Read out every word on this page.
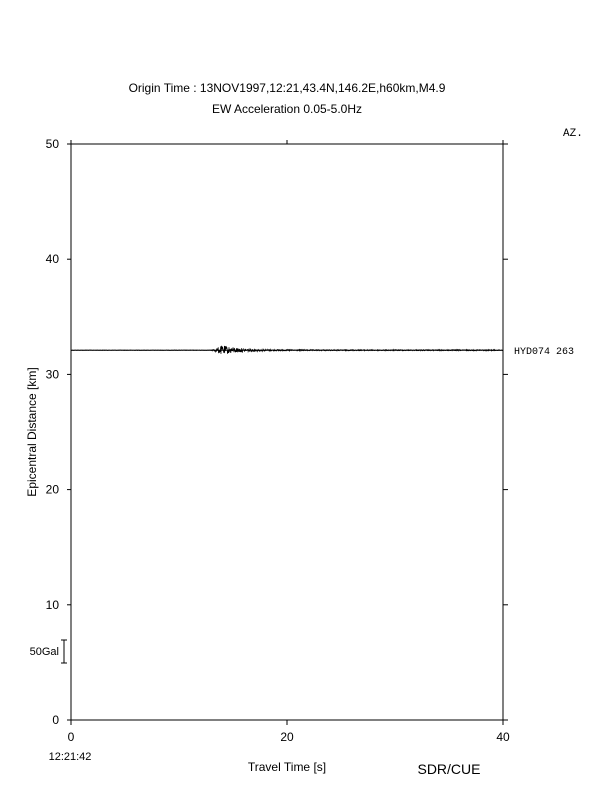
Origin Time : 13NOV1997,12:21,43.4N,146.2E,h60km,M4.9
EW Acceleration 0.05-5.0Hz
AZ.
0
10
20
30
40
50
0	20	40
Epicentral Distance [km]
Travel Time [s]
12:21:42
SDR/CUE
50Gal
HYD074 263
